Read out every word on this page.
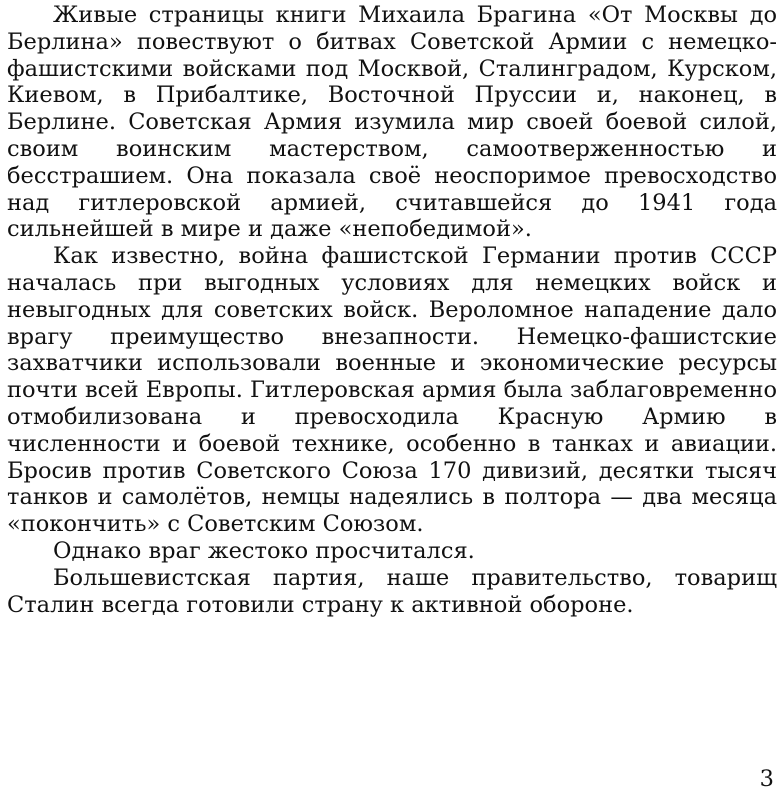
Живые страницы книги Михаила Брагина «От Москвы до Берлина» повествуют о битвах Советской Армии с немецко-фашистскими войсками под Москвой, Сталинградом, Курском, Киевом, в Прибалтике, Восточной Пруссии и, наконец, в Берлине. Советская Армия изумила мир своей боевой силой, своим воинским мастерством, самоотверженностью и бесстрашием. Она показала своё неоспоримое превосходство над гитлеровской армией, считавшейся до 1941 года сильнейшей в мире и даже «непобедимой».

Как известно, война фашистской Германии против СССР началась при выгодных условиях для немецких войск и невыгодных для советских войск. Вероломное нападение дало врагу преимущество внезапности. Немецко-фашистские захватчики использовали военные и экономические ресурсы почти всей Европы. Гитлеровская армия была заблаговременно отмобилизована и превосходила Красную Армию в численности и боевой технике, особенно в танках и авиации. Бросив против Советского Союза 170 дивизий, десятки тысяч танков и самолётов, немцы надеялись в полтора — два месяца «покончить» с Советским Союзом.

Однако враг жестоко просчитался.

Большевистская партия, наше правительство, товарищ Сталин всегда готовили страну к активной обороне.

3
